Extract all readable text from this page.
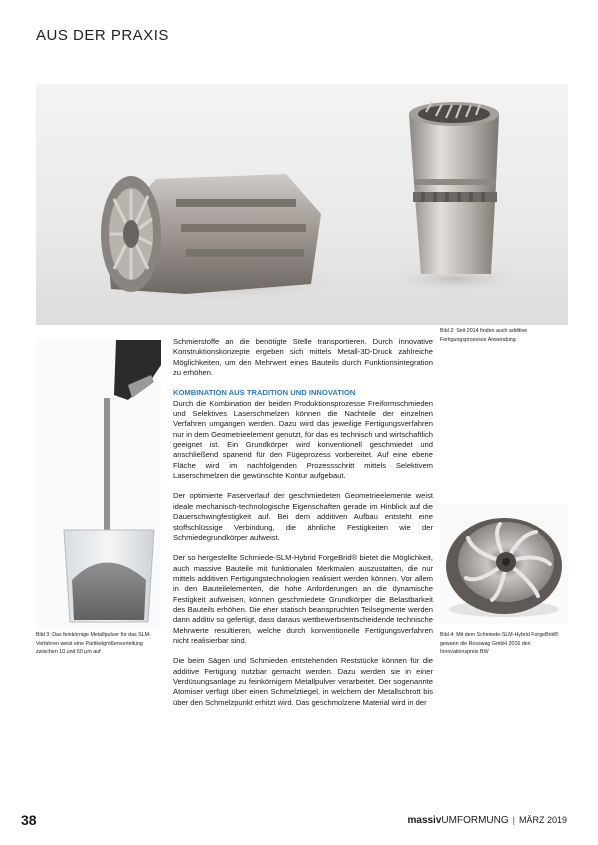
AUS DER PRAXIS
Bild 2: Seit 2014 finden auch additive Fertigungsprozesse Anwendung
Bild 3: Das feinkörnige Metallpulver für das SLM-Verfahren weist eine Partikelgrößenverteilung zwischen 10 und 60 µm auf
Bild 4: Mit dem Schmiede-SLM-Hybrid ForgeBrid® gewann die Rosswag GmbH 2016 den Innovationspreis BW

Schmierstoffe an die benötigte Stelle transportieren. Durch innovative Konstruktionskonzepte ergeben sich mittels Metall-3D-Druck zahlreiche Möglichkeiten, um den Mehrwert eines Bauteils durch Funktionsintegration zu erhöhen.

KOMBINATION AUS TRADITION UND INNOVATION

Durch die Kombination der beiden Produktionsprozesse Freiformschmieden und Selektives Laserschmelzen können die Nachteile der einzelnen Verfahren umgangen werden. Dazu wird das jeweilige Fertigungsverfahren nur in dem Geometrieelement genutzt, für das es technisch und wirtschaftlich geeignet ist. Ein Grundkörper wird konventionell geschmiedet und anschließend spanend für den Fügeprozess vorbereitet. Auf eine ebene Fläche wird im nachfolgenden Prozessschritt mittels Selektivem Laserschmelzen die gewünschte Kontur aufgebaut.

Der optimierte Faserverlauf der geschmiedeten Geometrieelemente weist ideale mechanisch-technologische Eigenschaften gerade im Hinblick auf die Dauerschwingfestigkeit auf. Bei dem additiven Aufbau entsteht eine stoffschlüssige Verbindung, die ähnliche Festigkeiten wie der Schmiedegrundkörper aufweist.

Der so hergestellte Schmiede-SLM-Hybrid ForgeBrid® bietet die Möglichkeit, auch massive Bauteile mit funktionalen Merkmalen auszustatten, die nur mittels additiven Fertigungstechnologien realisiert werden können. Vor allem in den Bauteilelementen, die hohe Anforderungen an die dynamische Festigkeit aufweisen, können geschmiedete Grundkörper die Belastbarkeit des Bauteils erhöhen. Die eher statisch beanspruchten Teilsegmente werden dann additiv so gefertigt, dass daraus wettbewerbsentscheidende technische Mehrwerte resultieren, welche durch konventionelle Fertigungsverfahren nicht realisierbar sind.

Die beim Sägen und Schmieden entstehenden Reststücke können für die additive Fertigung nutzbar gemacht werden. Dazu werden sie in einer Verdüsungsanlage zu feinkörnigem Metallpulver verarbeitet. Der sogenannte Atomiser verfügt über einen Schmelztiegel, in welchem der Metallschrott bis über den Schmelzpunkt erhitzt wird. Das geschmolzene Material wird in der

38	massivUMFORMUNG | MÄRZ 2019
